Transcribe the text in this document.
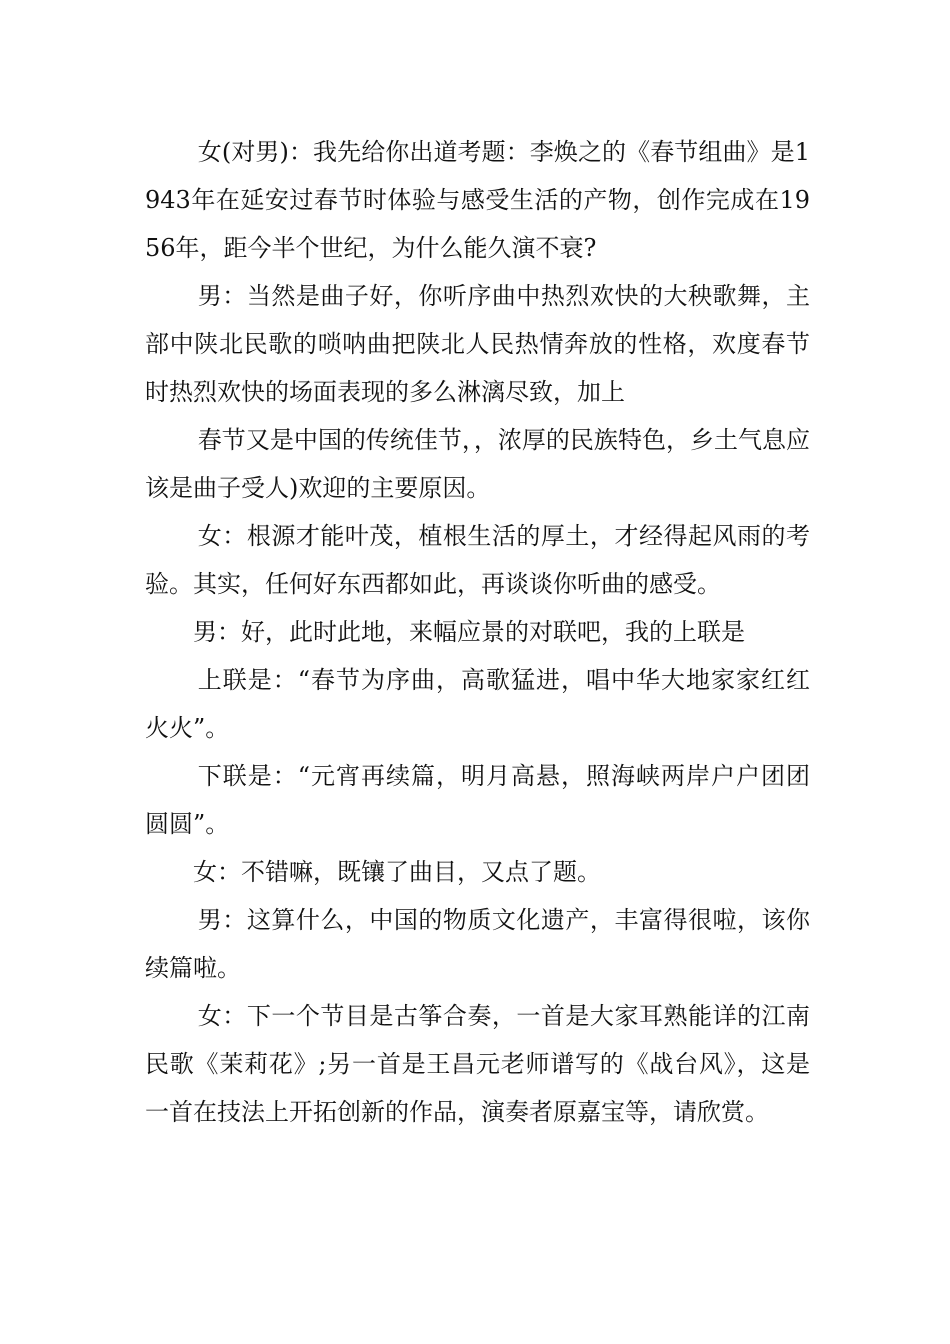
女(对男)：我先给你出道考题：李焕之的《春节组曲》是1943年在延安过春节时体验与感受生活的产物，创作完成在1956年，距今半个世纪，为什么能久演不衰?

男：当然是曲子好，你听序曲中热烈欢快的大秧歌舞，主部中陕北民歌的唢呐曲把陕北人民热情奔放的性格，欢度春节时热烈欢快的场面表现的多么淋漓尽致，加上

春节又是中国的传统佳节，，浓厚的民族特色，乡土气息应该是曲子受人)欢迎的主要原因。

女：根源才能叶茂，植根生活的厚土，才经得起风雨的考验。其实，任何好东西都如此，再谈谈你听曲的感受。

男：好，此时此地，来幅应景的对联吧，我的上联是

上联是：“春节为序曲，高歌猛进，唱中华大地家家红红火火”。

下联是：“元宵再续篇，明月高悬，照海峡两岸户户团团圆圆”。

女：不错嘛，既镶了曲目，又点了题。

男：这算什么，中国的物质文化遗产，丰富得很啦，该你续篇啦。

女：下一个节目是古筝合奏，一首是大家耳熟能详的江南民歌《茉莉花》;另一首是王昌元老师谱写的《战台风》，这是一首在技法上开拓创新的作品，演奏者原嘉宝等，请欣赏。
